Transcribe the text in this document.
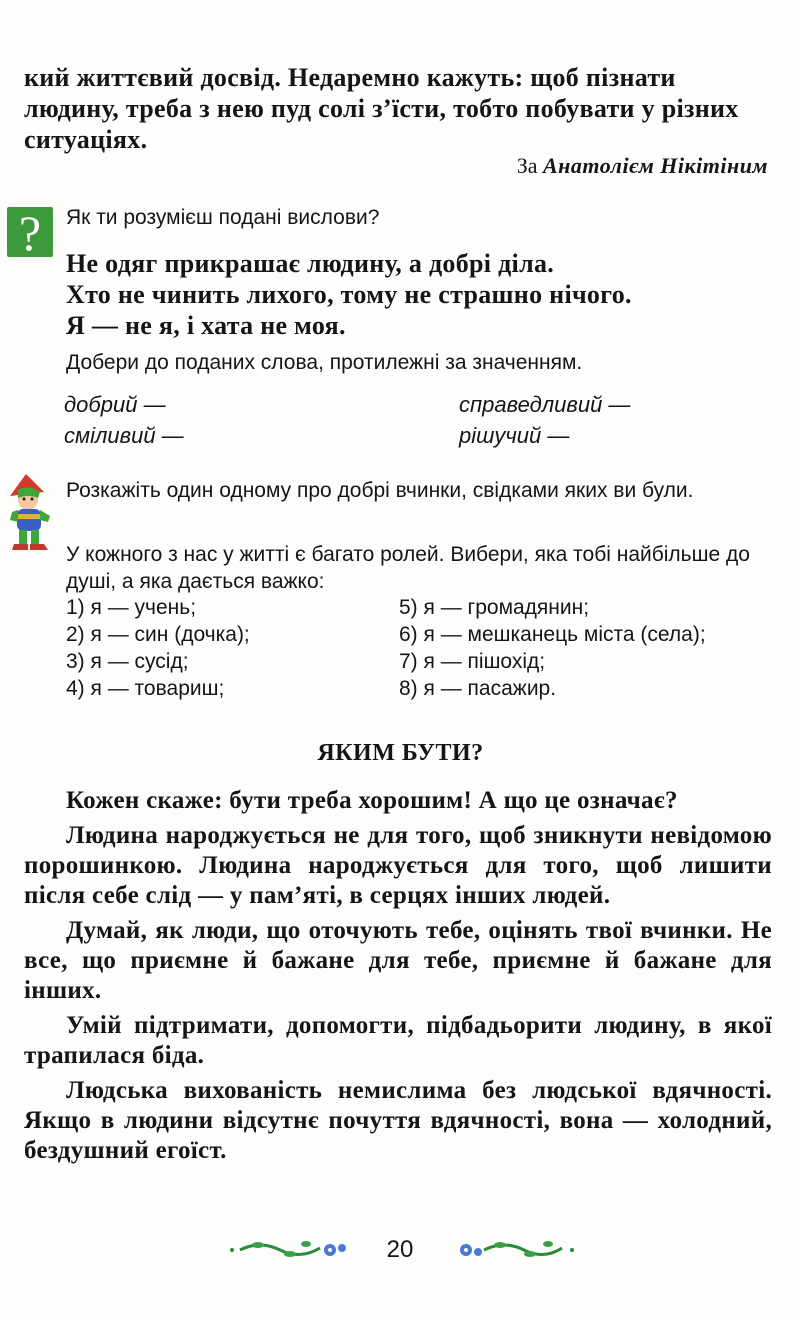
кий життєвий досвід. Недаремно кажуть: щоб пізнати людину, треба з нею пуд солі з’їсти, тобто побувати у різних ситуаціях.
За Анатолієм Нікітіним
?	Як ти розумієш подані вислови?
Не одяг прикрашає людину, а добрі діла.
Хто не чинить лихого, тому не страшно нічого.
Я — не я, і хата не моя.
Добери до поданих слова, протилежні за значенням.
добрий —	справедливий —
сміливий —	рішучий —
Розкажіть один одному про добрі вчинки, свідками яких ви були.
У кожного з нас у житті є багато ролей. Вибери, яка тобі найбільше до душі, а яка дається важко:
1) я — учень;
2) я — син (дочка);
3) я — сусід;
4) я — товариш;
5) я — громадянин;
6) я — мешканець міста (села);
7) я — пішохід;
8) я — пасажир.
ЯКИМ БУТИ?

Кожен скаже: бути треба хорошим! А що це означає?

Людина народжується не для того, щоб зникнути невідомою порошинкою. Людина народжується для того, щоб лишити після себе слід — у пам’яті, в серцях інших людей.

Думай, як люди, що оточують тебе, оцінять твої вчинки. Не все, що приємне й бажане для тебе, приємне й бажане для інших.

Умій підтримати, допомогти, підбадьорити людину, в якої трапилася біда.

Людська вихованість немислима без людської вдячності. Якщо в людини відсутнє почуття вдячності, вона — холодний, бездушний егоїст.

20
